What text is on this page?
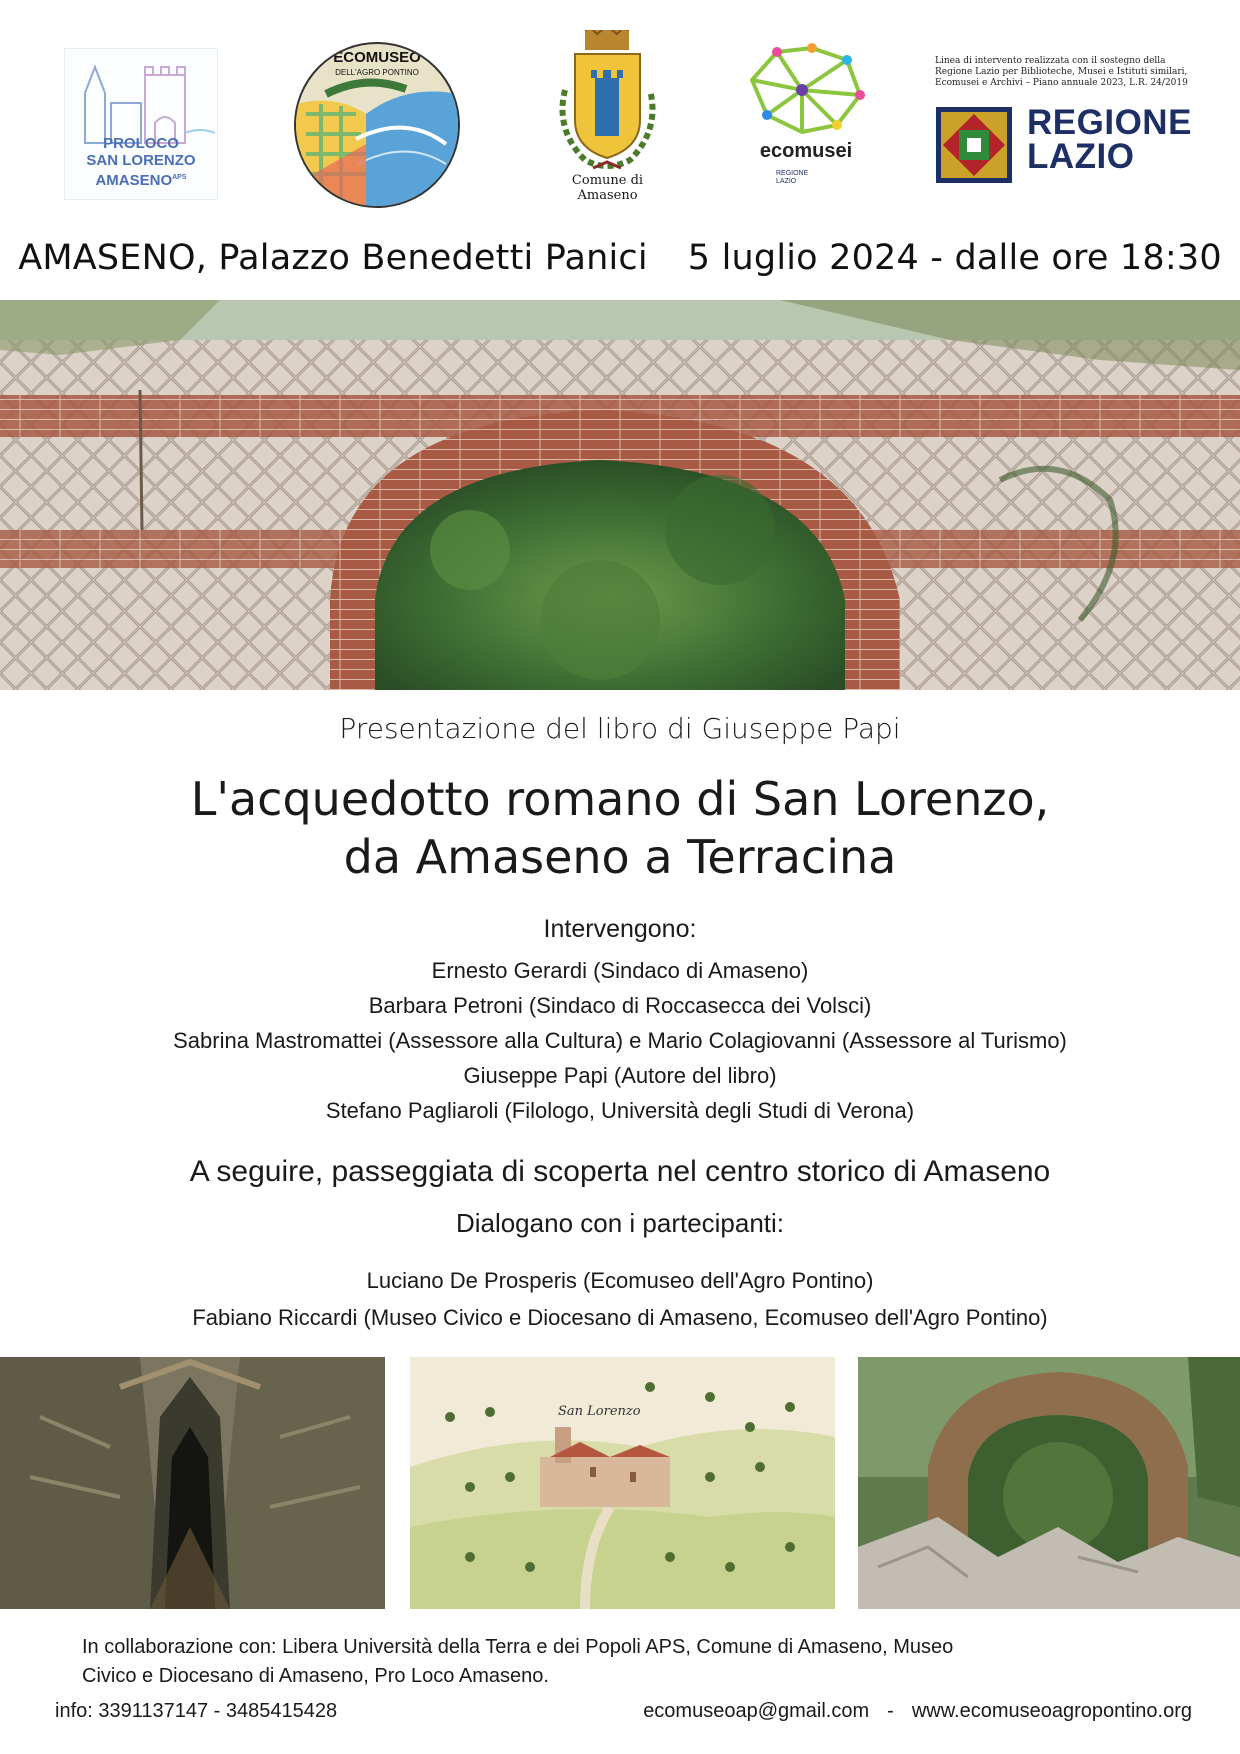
PROLOCO
SAN LORENZO
$AMASENO^{APS}$
ECOMUSEO
DELL'AGRO PONTINO
Comune di Amaseno
ecomusei
REGIONE LAZIO
Linea di intervento realizzata con il sostegno della
Regione Lazio per Biblioteche, Musei e Istituti similari,
Ecomusei e Archivi – Piano annuale 2023, L.R. 24/2019
REGIONE
LAZIO
AMASENO, Palazzo Benedetti Panici 5 luglio 2024 - dalle ore 18:30
Presentazione del libro di Giuseppe Papi
L'acquedotto romano di San Lorenzo,
da Amaseno a Terracina
Intervengono:
Ernesto Gerardi (Sindaco di Amaseno)
Barbara Petroni (Sindaco di Roccasecca dei Volsci)
Sabrina Mastromattei (Assessore alla Cultura) e Mario Colagiovanni (Assessore al Turismo)
Giuseppe Papi (Autore del libro)
Stefano Pagliaroli (Filologo, Università degli Studi di Verona)
A seguire, passeggiata di scoperta nel centro storico di Amaseno
Dialogano con i partecipanti:
Luciano De Prosperis (Ecomuseo dell'Agro Pontino)
Fabiano Riccardi (Museo Civico e Diocesano di Amaseno, Ecomuseo dell'Agro Pontino)
San Lorenzo
In collaborazione con: Libera Università della Terra e dei Popoli APS, Comune di Amaseno, Museo
Civico e Diocesano di Amaseno, Pro Loco Amaseno.
info: 3391137147 - 3485415428	ecomuseoap@gmail.com - www.ecomuseoagropontino.org
